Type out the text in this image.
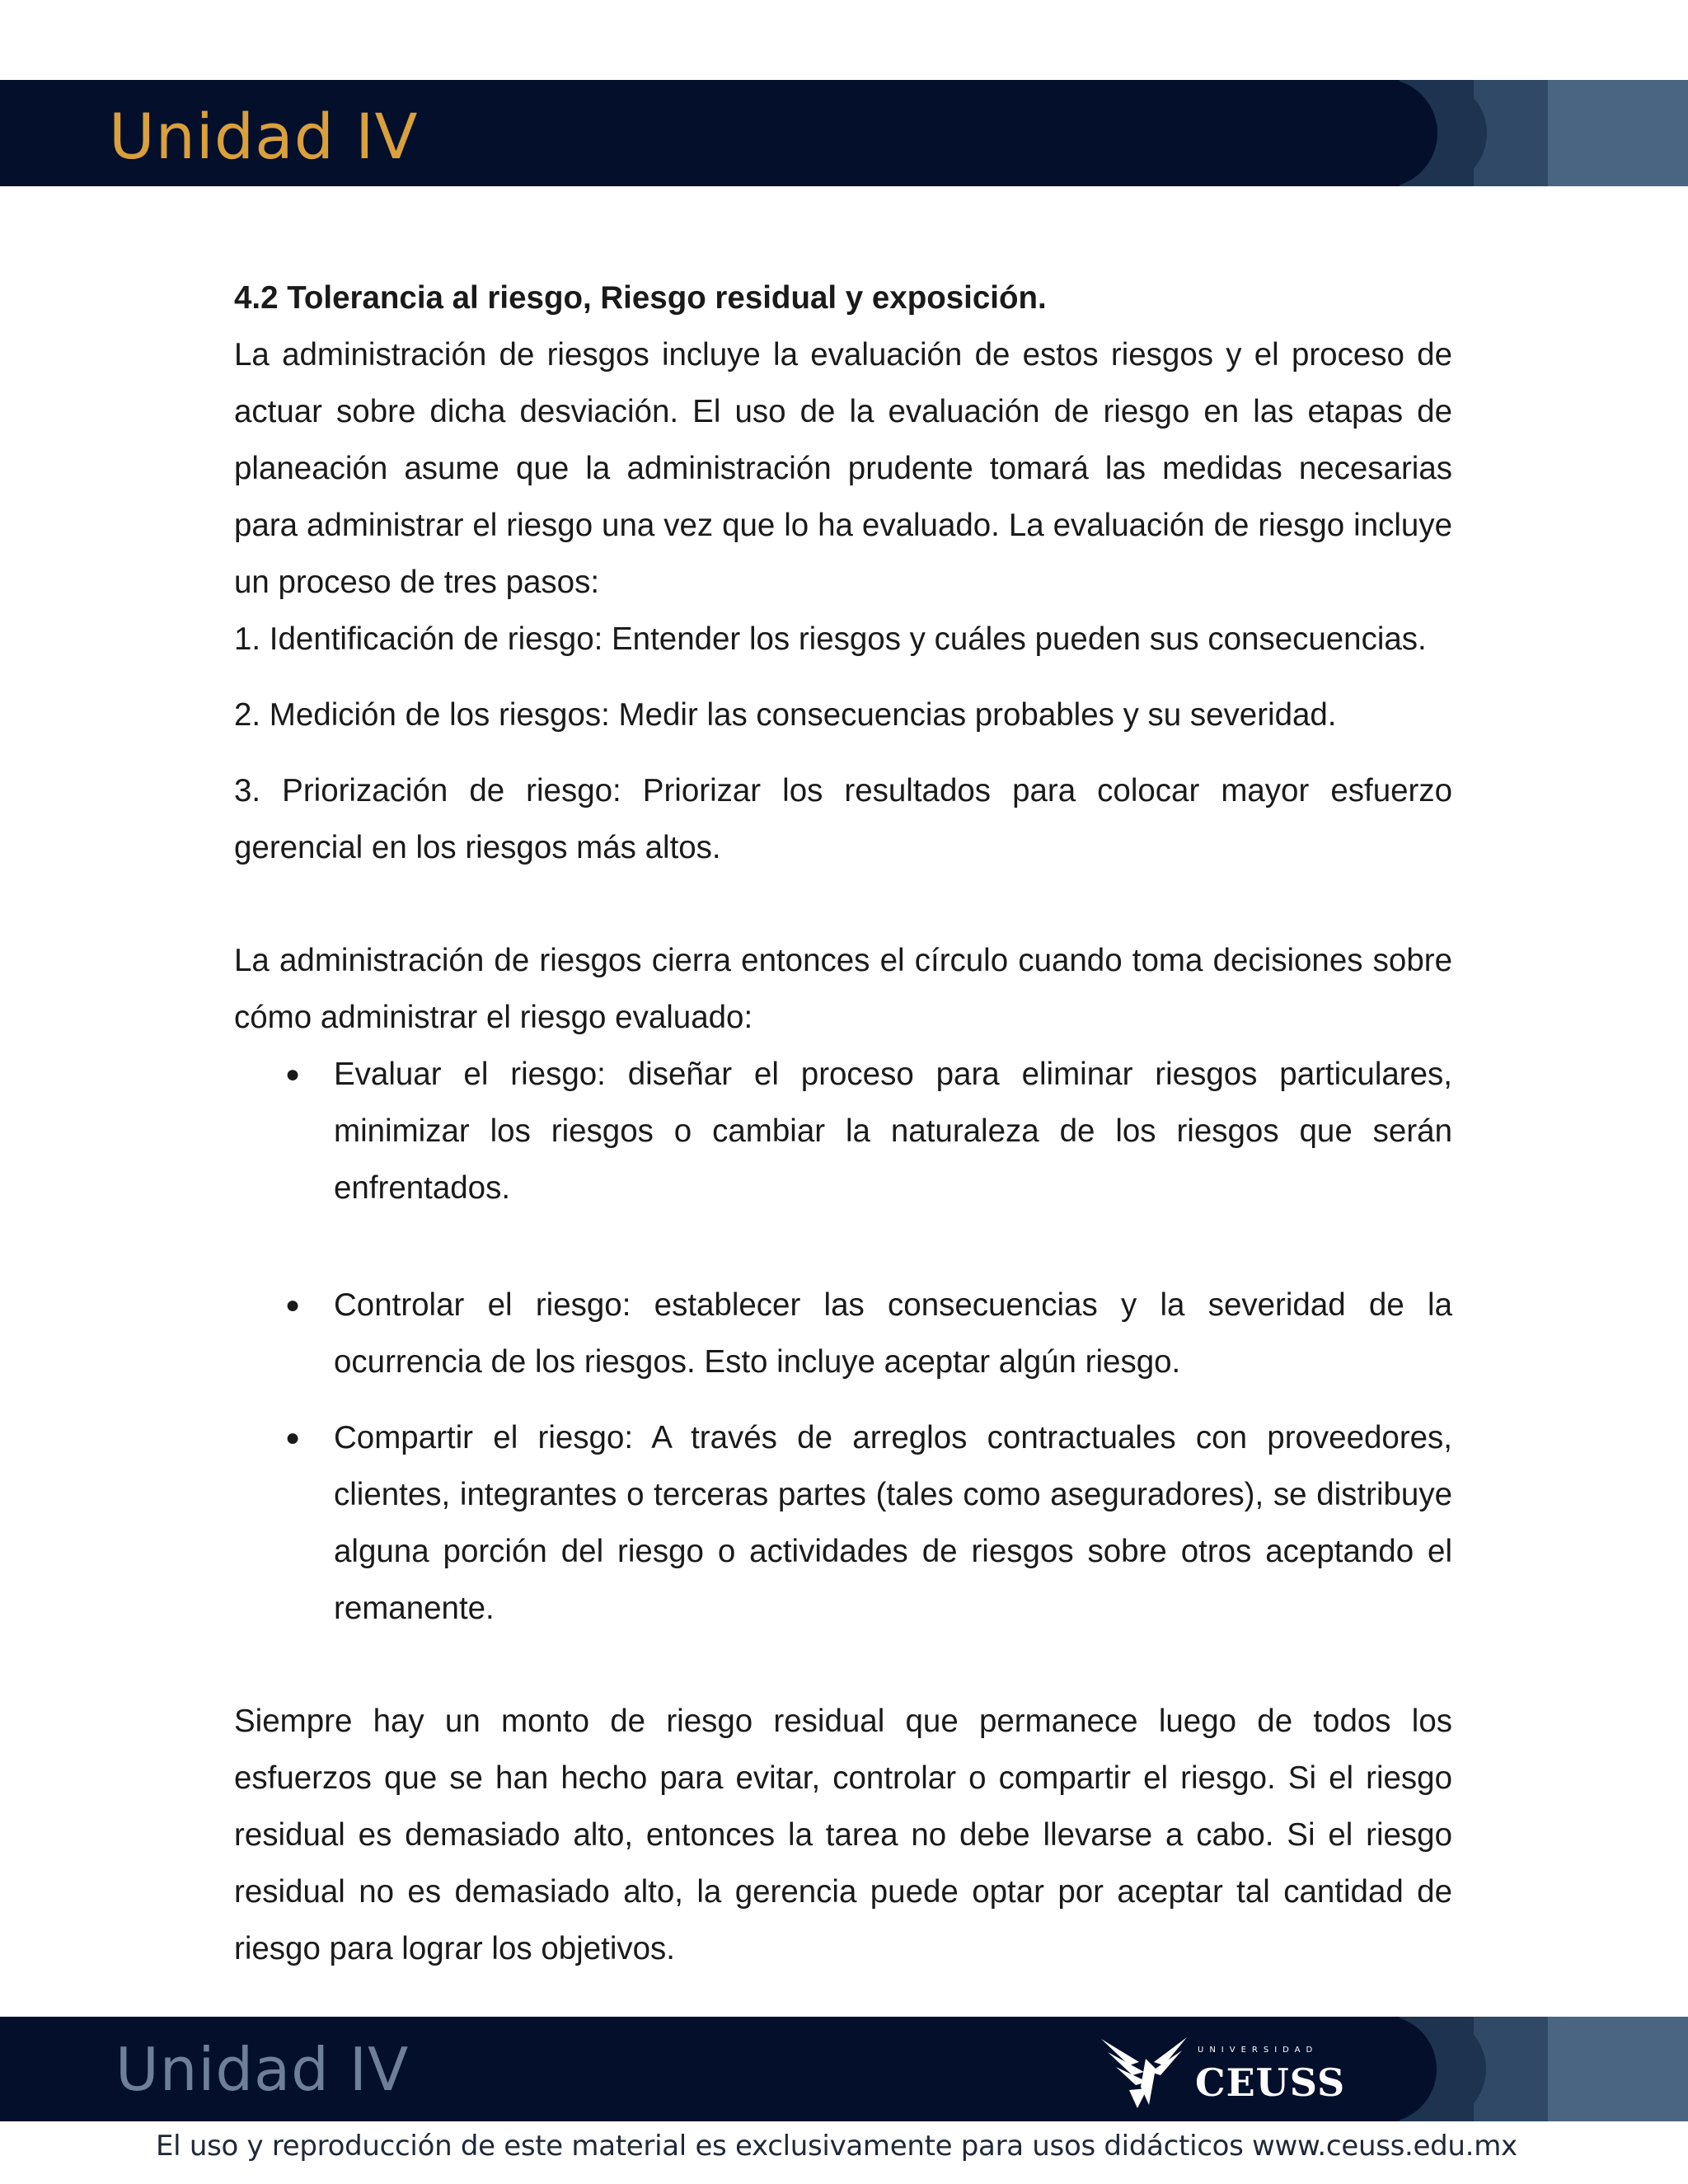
Unidad IV

4.2 Tolerancia al riesgo, Riesgo residual y exposición.

La administración de riesgos incluye la evaluación de estos riesgos y el proceso de actuar sobre dicha desviación. El uso de la evaluación de riesgo en las etapas de planeación asume que la administración prudente tomará las medidas necesarias para administrar el riesgo una vez que lo ha evaluado. La evaluación de riesgo incluye un proceso de tres pasos:

1. Identificación de riesgo: Entender los riesgos y cuáles pueden sus consecuencias.

2. Medición de los riesgos: Medir las consecuencias probables y su severidad.

3. Priorización de riesgo: Priorizar los resultados para colocar mayor esfuerzo gerencial en los riesgos más altos.

La administración de riesgos cierra entonces el círculo cuando toma decisiones sobre cómo administrar el riesgo evaluado:

● Evaluar el riesgo: diseñar el proceso para eliminar riesgos particulares, minimizar los riesgos o cambiar la naturaleza de los riesgos que serán enfrentados.
● Controlar el riesgo: establecer las consecuencias y la severidad de la ocurrencia de los riesgos. Esto incluye aceptar algún riesgo.
● Compartir el riesgo: A través de arreglos contractuales con proveedores, clientes, integrantes o terceras partes (tales como aseguradores), se distribuye alguna porción del riesgo o actividades de riesgos sobre otros aceptando el remanente.

Siempre hay un monto de riesgo residual que permanece luego de todos los esfuerzos que se han hecho para evitar, controlar o compartir el riesgo. Si el riesgo residual es demasiado alto, entonces la tarea no debe llevarse a cabo. Si el riesgo residual no es demasiado alto, la gerencia puede optar por aceptar tal cantidad de riesgo para lograr los objetivos.

Unidad IV	UNIVERSIDAD
CEUSS
El uso y reproducción de este material es exclusivamente para usos didácticos www.ceuss.edu.mx
